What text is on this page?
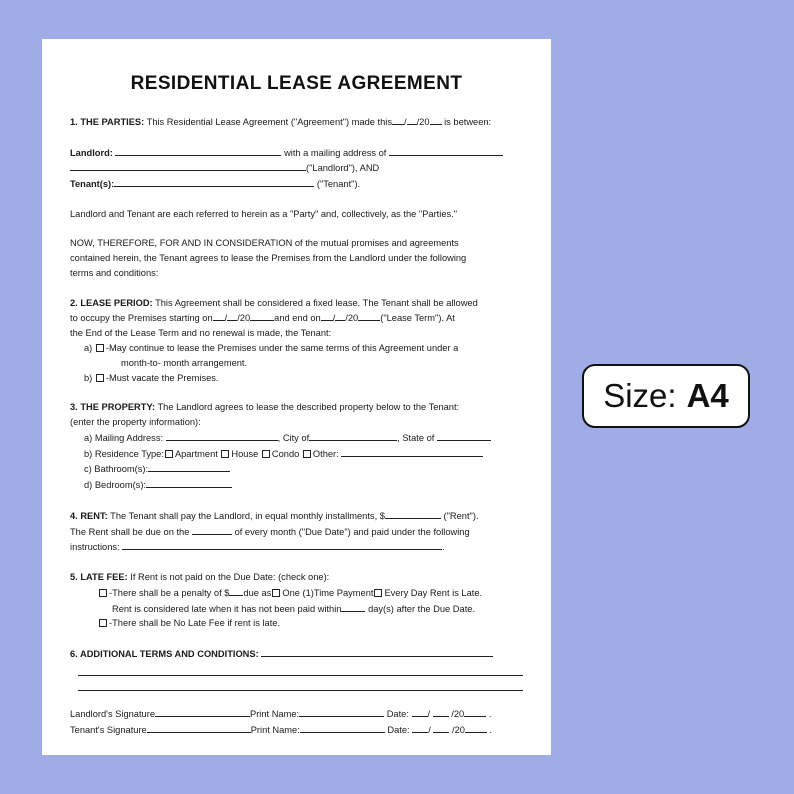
RESIDENTIAL LEASE AGREEMENT
1. THE PARTIES: This Residential Lease Agreement ("Agreement") made this / /20 is between:
Landlord:	with a mailing address of
("Landlord"), AND
Tenant(s):	("Tenant").
Landlord and Tenant are each referred to herein as a "Party" and, collectively, as the "Parties."
NOW, THEREFORE, FOR AND IN CONSIDERATION of the mutual promises and agreements
contained herein, the Tenant agrees to lease the Premises from the Landlord under the following
terms and conditions:
2. LEASE PERIOD: This Agreement shall be considered a fixed lease. The Tenant shall be allowed
to occupy the Premises starting on / /20	and end on / /20 ("Lease Term"). At
the End of the Lease Term and no renewal is made, the Tenant:
a) -May continue to lease the Premises under the same terms of this Agreement under a
month-to- month arrangement.
b) -Must vacate the Premises.
3. THE PROPERTY: The Landlord agrees to lease the described property below to the Tenant:
(enter the property information):
a) Mailing Address:	, City of	, State of
b) Residence Type: Apartment House Condo Other:
c) Bathroom(s):
d) Bedroom(s):
4. RENT: The Tenant shall pay the Landlord, in equal monthly installments, $	("Rent").
The Rent shall be due on the	of every month ("Due Date") and paid under the following
instructions:	.
5. LATE FEE: If Rent is not paid on the Due Date: (check one):
-There shall be a penalty of $ due as One (1)Time Payment Every Day Rent is Late.
Rent is considered late when it has not been paid within	day(s) after the Due Date.
-There shall be No Late Fee if rent is late.
6. ADDITIONAL TERMS AND CONDITIONS:
Landlord's Signature	Print Name:	Date: / /20	.
Tenant's Signature	Print Name:	Date: / /20	.
Size: A4
